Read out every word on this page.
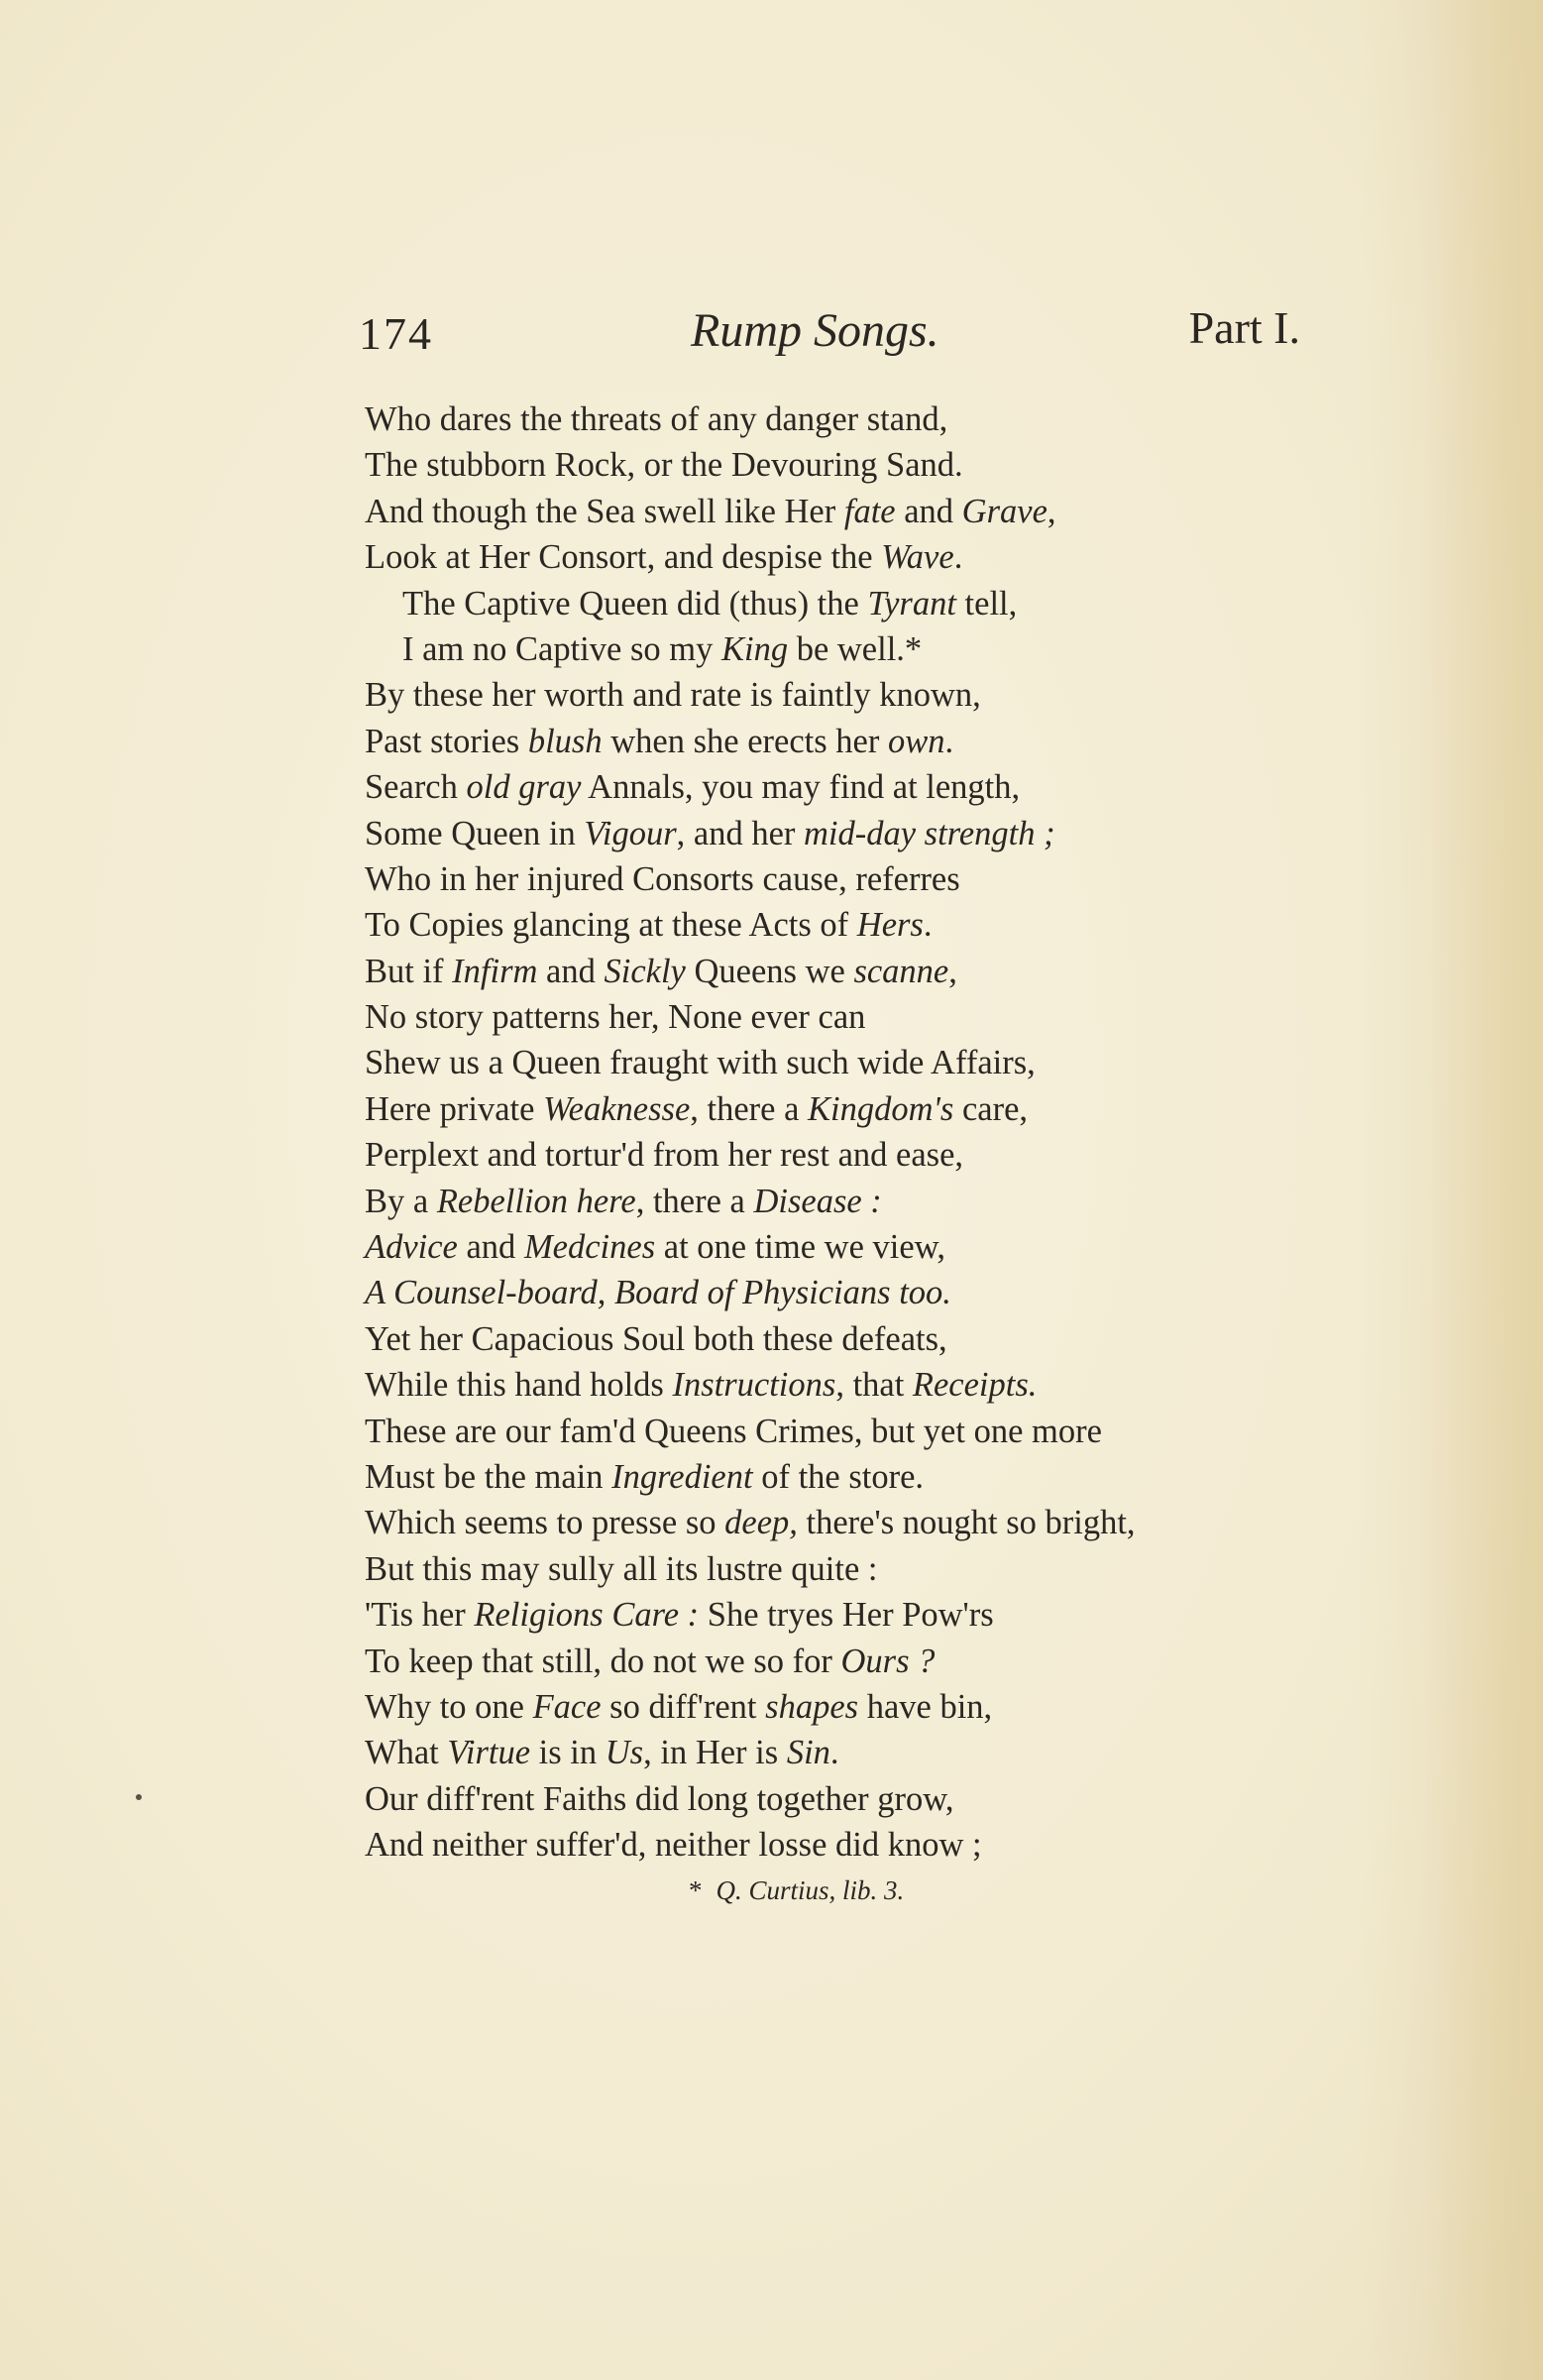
174	Rump Songs.	Part I.
Who dares the threats of any danger stand,
The stubborn Rock, or the Devouring Sand.
And though the Sea swell like Her fate and Grave,
Look at Her Consort, and despise the Wave.
The Captive Queen did (thus) the Tyrant tell,
I am no Captive so my King be well.*
By these her worth and rate is faintly known,
Past stories blush when she erects her own.
Search old gray Annals, you may find at length,
Some Queen in Vigour, and her mid-day strength ;
Who in her injured Consorts cause, referres
To Copies glancing at these Acts of Hers.
But if Infirm and Sickly Queens we scanne,
No story patterns her, None ever can
Shew us a Queen fraught with such wide Affairs,
Here private Weaknesse, there a Kingdom's care,
Perplext and tortur'd from her rest and ease,
By a Rebellion here, there a Disease :
Advice and Medcines at one time we view,
A Counsel-board, Board of Physicians too.
Yet her Capacious Soul both these defeats,
While this hand holds Instructions, that Receipts.
These are our fam'd Queens Crimes, but yet one more
Must be the main Ingredient of the store.
Which seems to presse so deep, there's nought so bright,
But this may sully all its lustre quite :
'Tis her Religions Care : She tryes Her Pow'rs
To keep that still, do not we so for Ours ?
Why to one Face so diff'rent shapes have bin,
What Virtue is in Us, in Her is Sin.
Our diff'rent Faiths did long together grow,
And neither suffer'd, neither losse did know ;
* Q. Curtius, lib. 3.
